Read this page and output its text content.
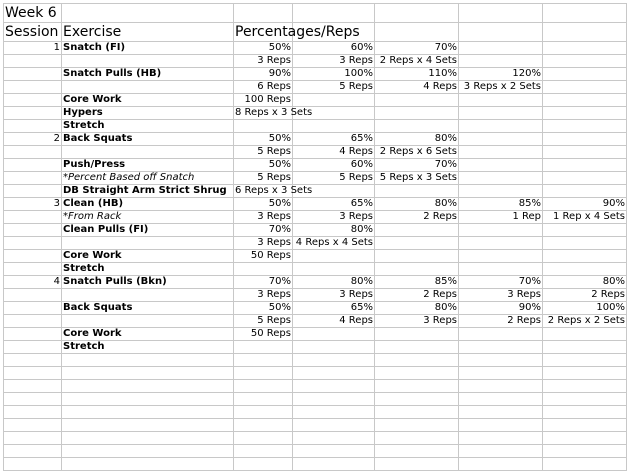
Week 6						
Session	Exercise	Percentages/Reps				
1	Snatch (FI)	50%	60%	70%		
		3 Reps	3 Reps	2 Reps x 4 Sets		
	Snatch Pulls (HB)	90%	100%	110%	120%	
		6 Reps	5 Reps	4 Reps	3 Reps x 2 Sets	
	Core Work	100 Reps				
	Hypers	8 Reps x 3 Sets				
	Stretch					
2	Back Squats	50%	65%	80%		
		5 Reps	4 Reps	2 Reps x 6 Sets		
	Push/Press	50%	60%	70%		
	*Percent Based off Snatch	5 Reps	5 Reps	5 Reps x 3 Sets		
	DB Straight Arm Strict Shrug	6 Reps x 3 Sets				
3	Clean (HB)	50%	65%	80%	85%	90%
	*From Rack	3 Reps	3 Reps	2 Reps	1 Rep	1 Rep x 4 Sets
	Clean Pulls (FI)	70%	80%			
		3 Reps	4 Reps x 4 Sets			
	Core Work	50 Reps				
	Stretch					
4	Snatch Pulls (Bkn)	70%	80%	85%	70%	80%
		3 Reps	3 Reps	2 Reps	3 Reps	2 Reps
	Back Squats	50%	65%	80%	90%	100%
		5 Reps	4 Reps	3 Reps	2 Reps	2 Reps x 2 Sets
	Core Work	50 Reps				
	Stretch					
